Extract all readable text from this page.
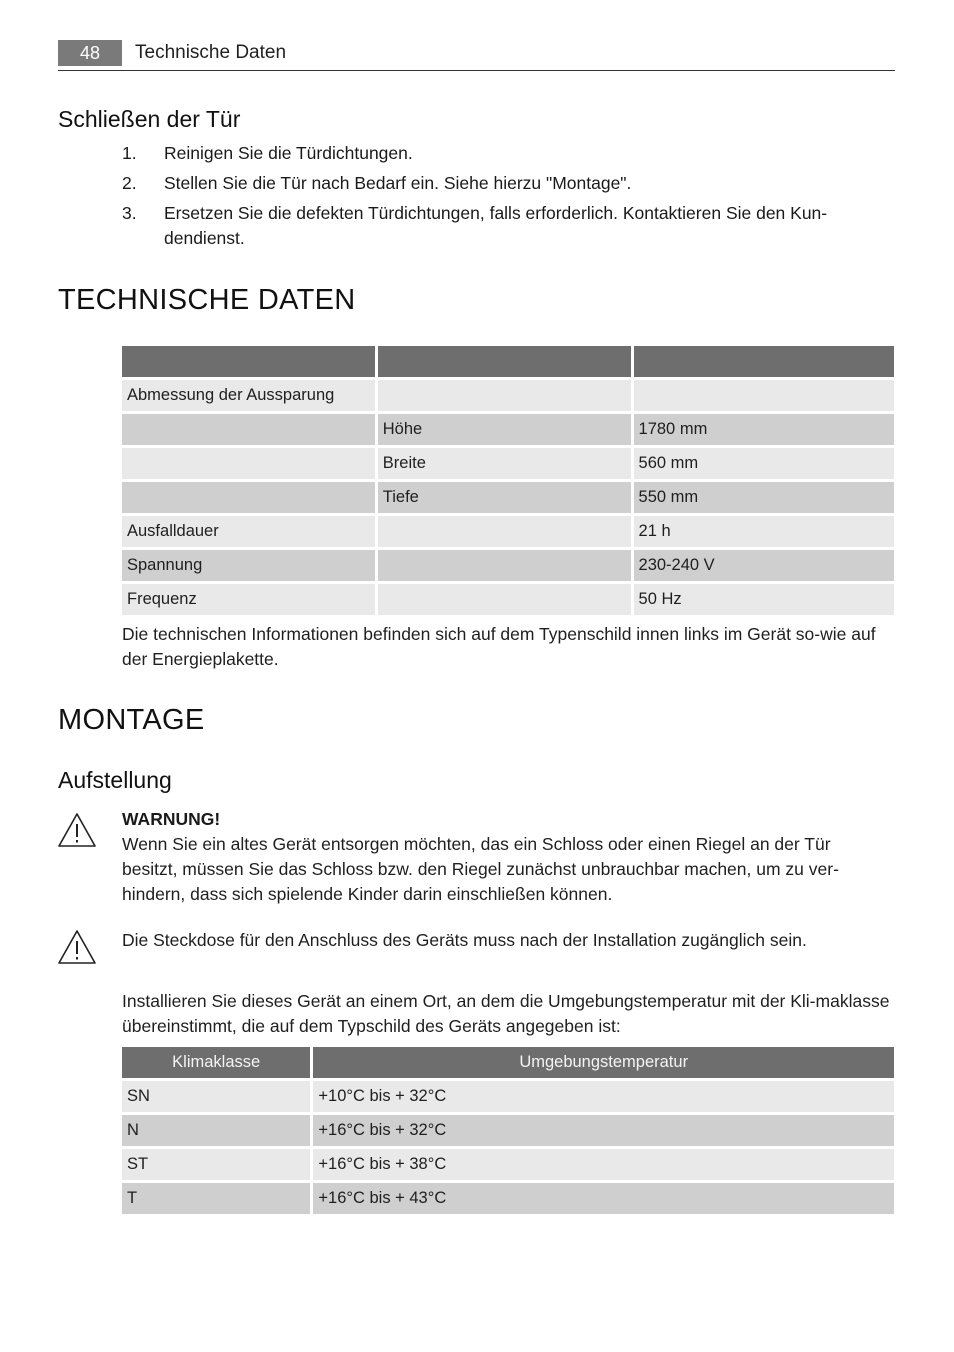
48	Technische Daten
Schließen der Tür
1. Reinigen Sie die Türdichtungen.
2. Stellen Sie die Tür nach Bedarf ein. Siehe hierzu "Montage".
3. Ersetzen Sie die defekten Türdichtungen, falls erforderlich. Kontaktieren Sie den Kun-dendienst.
TECHNISCHE DATEN

Abmessung der Aussparung		
	Höhe	1780 mm
	Breite	560 mm
	Tiefe	550 mm
Ausfalldauer		21 h
Spannung		230-240 V
Frequenz		50 Hz
Die technischen Informationen befinden sich auf dem Typenschild innen links im Gerät so-wie auf der Energieplakette.
MONTAGE
Aufstellung
WARNUNG!
Wenn Sie ein altes Gerät entsorgen möchten, das ein Schloss oder einen Riegel an der Tür besitzt, müssen Sie das Schloss bzw. den Riegel zunächst unbrauchbar machen, um zu ver-hindern, dass sich spielende Kinder darin einschließen können.
Die Steckdose für den Anschluss des Geräts muss nach der Installation zugänglich sein.
Installieren Sie dieses Gerät an einem Ort, an dem die Umgebungstemperatur mit der Kli-maklasse übereinstimmt, die auf dem Typschild des Geräts angegeben ist:
Klimaklasse	Umgebungstemperatur
SN	+10°C bis + 32°C
N	+16°C bis + 32°C
ST	+16°C bis + 38°C
T	+16°C bis + 43°C
